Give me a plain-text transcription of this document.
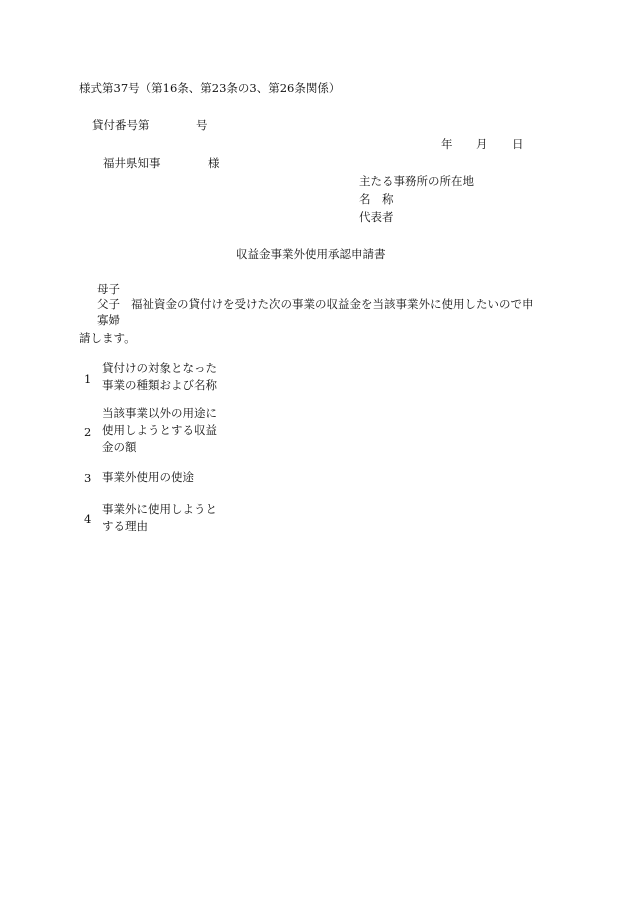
様式第37号（第16条、第23条の3、第26条関係）
貸付番号第	号
年 月 日
福井県知事	様
主たる事務所の所在地
名　称
代表者
収益金事業外使用承認申請書
母子
父子 福祉資金の貸付けを受けた次の事業の収益金を当該事業外に使用したいので申
寡婦
請します。
1
貸付けの対象となった
事業の種類および名称
2
当該事業以外の用途に
使用しようとする収益
金の額
3 事業外使用の使途
4
事業外に使用しようと
する理由
